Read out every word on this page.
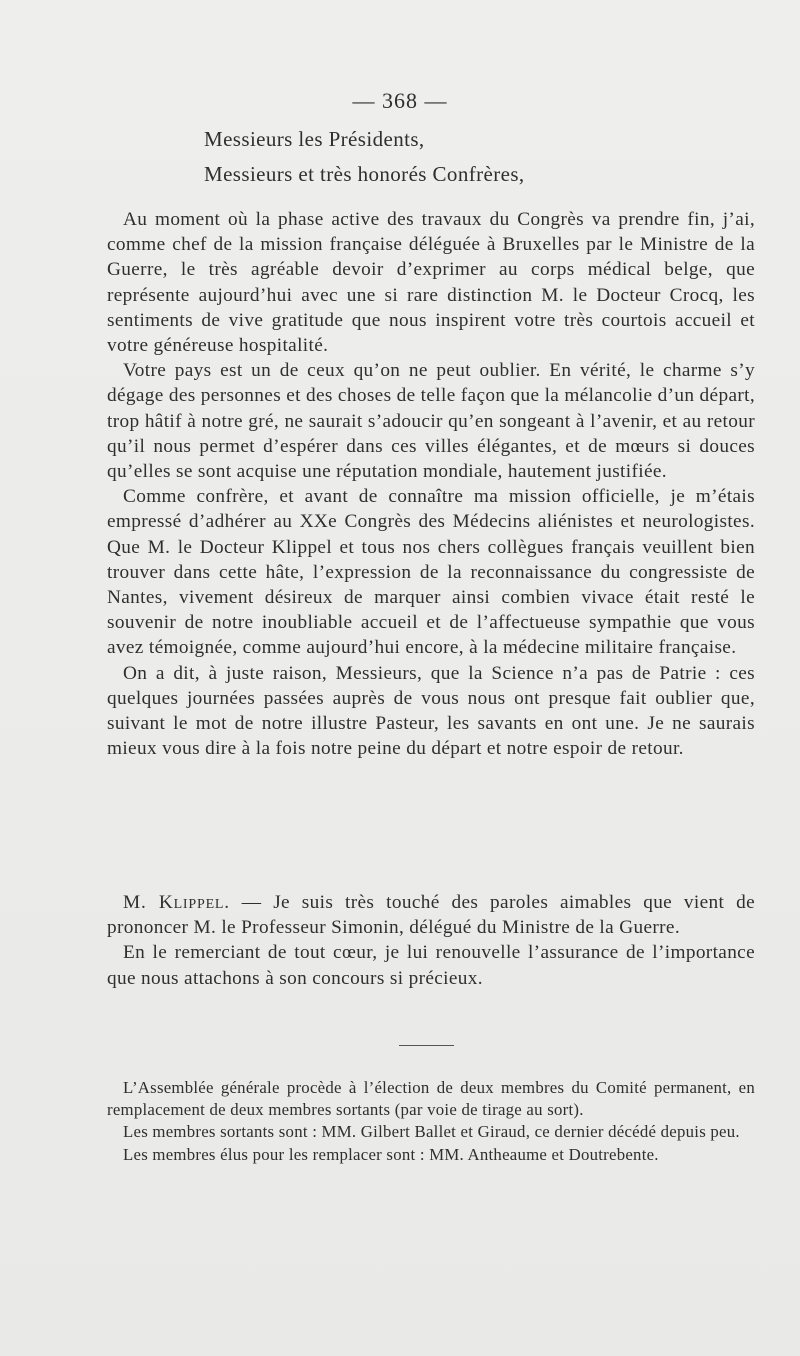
— 368 —
Messieurs les Présidents,
Messieurs et très honorés Confrères,

Au moment où la phase active des travaux du Congrès va prendre fin, j’ai, comme chef de la mission française déléguée à Bruxelles par le Ministre de la Guerre, le très agréable devoir d’exprimer au corps médical belge, que représente aujourd’hui avec une si rare distinction M. le Docteur Crocq, les sentiments de vive gratitude que nous inspirent votre très courtois accueil et votre généreuse hospitalité.

Votre pays est un de ceux qu’on ne peut oublier. En vérité, le charme s’y dégage des personnes et des choses de telle façon que la mélancolie d’un départ, trop hâtif à notre gré, ne saurait s’adoucir qu’en songeant à l’avenir, et au retour qu’il nous permet d’espérer dans ces villes élégantes, et de mœurs si douces qu’elles se sont acquise une réputation mondiale, hautement justifiée.

Comme confrère, et avant de connaître ma mission officielle, je m’étais empressé d’adhérer au XXe Congrès des Médecins aliénistes et neurologistes. Que M. le Docteur Klippel et tous nos chers collègues français veuillent bien trouver dans cette hâte, l’expression de la reconnaissance du congressiste de Nantes, vivement désireux de marquer ainsi combien vivace était resté le souvenir de notre inoubliable accueil et de l’affectueuse sympathie que vous avez témoignée, comme aujourd’hui encore, à la médecine militaire française.

On a dit, à juste raison, Messieurs, que la Science n’a pas de Patrie : ces quelques journées passées auprès de vous nous ont presque fait oublier que, suivant le mot de notre illustre Pasteur, les savants en ont une. Je ne saurais mieux vous dire à la fois notre peine du départ et notre espoir de retour.

M. Klippel. — Je suis très touché des paroles aimables que vient de prononcer M. le Professeur Simonin, délégué du Ministre de la Guerre.

En le remerciant de tout cœur, je lui renouvelle l’assurance de l’importance que nous attachons à son concours si précieux.

L’Assemblée générale procède à l’élection de deux membres du Comité permanent, en remplacement de deux membres sortants (par voie de tirage au sort).

Les membres sortants sont : MM. Gilbert Ballet et Giraud, ce dernier décédé depuis peu.

Les membres élus pour les remplacer sont : MM. Antheaume et Doutrebente.
